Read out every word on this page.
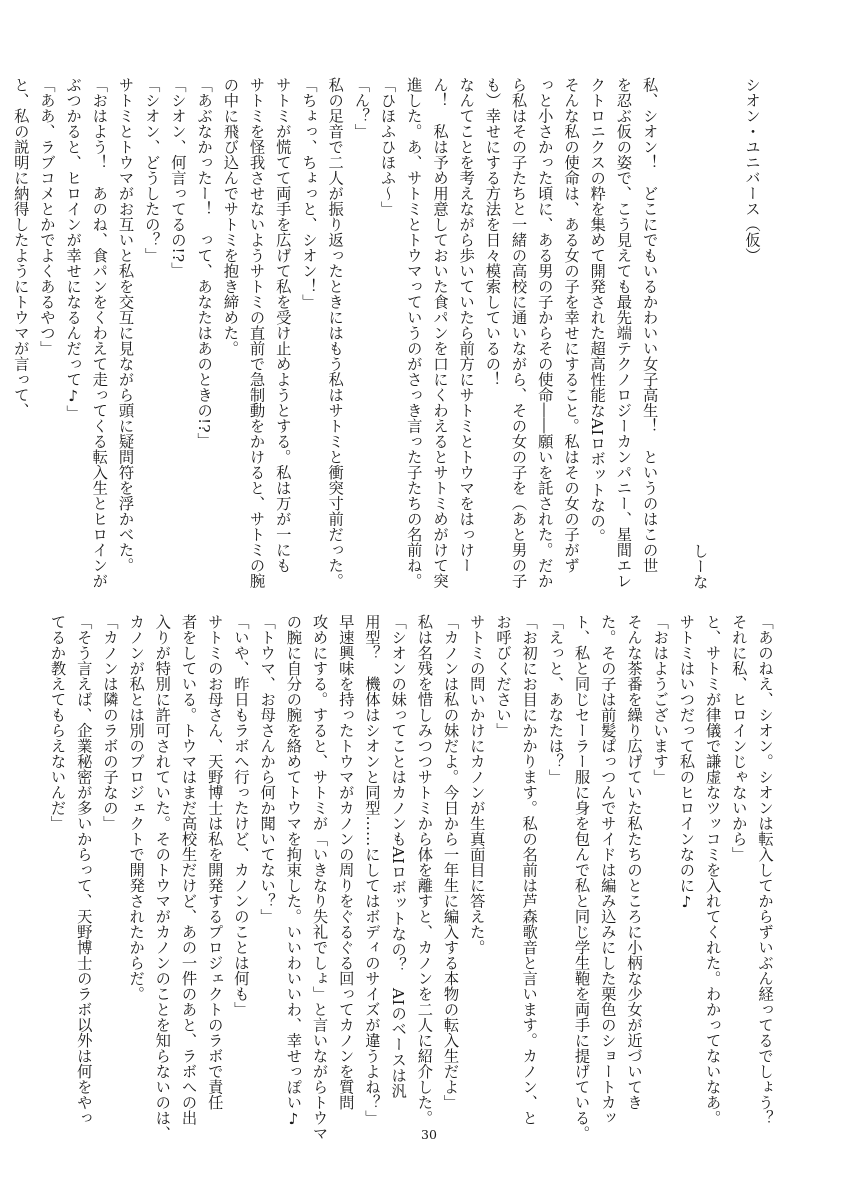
シオン・ユニバース（仮）
しーな
私、シオン！　どこにでもいるかわいい女子高生！　というのはこの世
を忍ぶ仮の姿で、こう見えても最先端テクノロジーカンパニー、星間エレ
クトロニクスの粋を集めて開発された超高性能なAIロボットなの。
そんな私の使命は、ある女の子を幸せにすること。私はその女の子がず
っと小さかった頃に、ある男の子からその使命――願いを託された。だか
ら私はその子たちと一緒の高校に通いながら、その女の子を（あと男の子
も）幸せにする方法を日々模索しているの！
なんてことを考えながら歩いていたら前方にサトミとトウマをはっけー
ん！　私は予め用意しておいた食パンを口にくわえるとサトミめがけて突
進した。あ、サトミとトウマっていうのがさっき言った子たちの名前ね。
「ひほふひほふ～」
「ん？」
私の足音で二人が振り返ったときにはもう私はサトミと衝突寸前だった。
「ちょっ、ちょっと、シオン！」
サトミが慌てて両手を広げて私を受け止めようとする。私は万が一にも
サトミを怪我させないようサトミの直前で急制動をかけると、サトミの腕
の中に飛び込んでサトミを抱き締めた。
「あぶなかったー！　って、あなたはあのときの!?」
「シオン、何言ってるの!?」
「シオン、どうしたの？」
サトミとトウマがお互いと私を交互に見ながら頭に疑問符を浮かべた。
「おはよう！　あのね、食パンをくわえて走ってくる転入生とヒロインが
ぶつかると、ヒロインが幸せになるんだって♪」
「ああ、ラブコメとかでよくあるやつ」
と、私の説明に納得したようにトウマが言って、
「あのねえ、シオン。シオンは転入してからずいぶん経ってるでしょう？
それに私、ヒロインじゃないから」
と、サトミが律儀で謙虚なツッコミを入れてくれた。わかってないなあ。
サトミはいつだって私のヒロインなのに♪
「おはようございます」
そんな茶番を繰り広げていた私たちのところに小柄な少女が近づいてき
た。その子は前髪ぱっつんでサイドは編み込みにした栗色のショートカッ
ト、私と同じセーラー服に身を包んで私と同じ学生鞄を両手に提げている。
「えっと、あなたは？」
「お初にお目にかかります。私の名前は芦森歌音と言います。カノン、と
お呼びください」
サトミの問いかけにカノンが生真面目に答えた。
「カノンは私の妹だよ。今日から一年生に編入する本物の転入生だよ」
私は名残を惜しみつつサトミから体を離すと、カノンを二人に紹介した。
「シオンの妹ってことはカノンもAIロボットなの？　AIのベースは汎
用型？　機体はシオンと同型……にしてはボディのサイズが違うよね？」
早速興味を持ったトウマがカノンの周りをぐるぐる回ってカノンを質問
攻めにする。すると、サトミが「いきなり失礼でしょ」と言いながらトウマ
の腕に自分の腕を絡めてトウマを拘束した。いいわいいわ、幸せっぽい♪
「トウマ、お母さんから何か聞いてない？」
「いや、昨日もラボへ行ったけど、カノンのことは何も」
サトミのお母さん、天野博士は私を開発するプロジェクトのラボで責任
者をしている。トウマはまだ高校生だけど、あの一件のあと、ラボへの出
入りが特別に許可されていた。そのトウマがカノンのことを知らないのは、
カノンが私とは別のプロジェクトで開発されたからだ。
「カノンは隣のラボの子なの」
「そう言えば、企業秘密が多いからって、天野博士のラボ以外は何をやっ
てるか教えてもらえないんだ」
30
